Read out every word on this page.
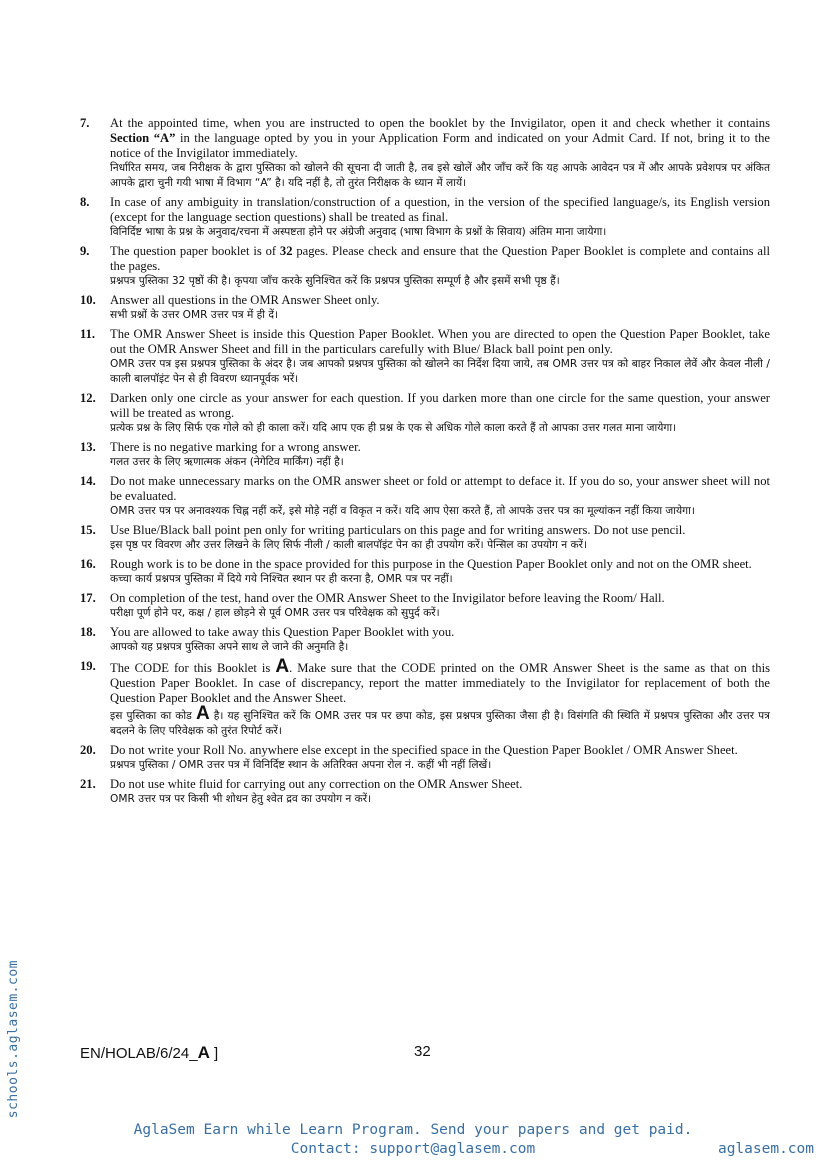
schools.aglasem.com
7.	At the appointed time, when you are instructed to open the booklet by the Invigilator, open it and check whether it contains Section “A” in the language opted by you in your Application Form and indicated on your Admit Card. If not, bring it to the notice of the Invigilator immediately.
निर्धारित समय, जब निरीक्षक के द्वारा पुस्तिका को खोलने की सूचना दी जाती है, तब इसे खोलें और जाँच करें कि यह आपके आवेदन पत्र में और आपके प्रवेशपत्र पर अंकित आपके द्वारा चुनी गयी भाषा में विभाग “A” है। यदि नहीं है, तो तुरंत निरीक्षक के ध्यान में लायें।
8.	In case of any ambiguity in translation/construction of a question, in the version of the specified language/s, its English version (except for the language section questions) shall be treated as final.
विनिर्दिष्ट भाषा के प्रश्न के अनुवाद/रचना में अस्पष्टता होने पर अंग्रेजी अनुवाद (भाषा विभाग के प्रश्नों के सिवाय) अंतिम माना जायेगा।
9.	The question paper booklet is of 32 pages. Please check and ensure that the Question Paper Booklet is complete and contains all the pages.
प्रश्नपत्र पुस्तिका 32 पृष्ठों की है। कृपया जाँच करके सुनिश्चित करें कि प्रश्नपत्र पुस्तिका सम्पूर्ण है और इसमें सभी पृष्ठ हैं।
10.	Answer all questions in the OMR Answer Sheet only.
सभी प्रश्नों के उत्तर OMR उत्तर पत्र में ही दें।
11.	The OMR Answer Sheet is inside this Question Paper Booklet. When you are directed to open the Question Paper Booklet, take out the OMR Answer Sheet and fill in the particulars carefully with Blue/ Black ball point pen only.
OMR उत्तर पत्र इस प्रश्नपत्र पुस्तिका के अंदर है। जब आपको प्रश्नपत्र पुस्तिका को खोलने का निर्देश दिया जाये, तब OMR उत्तर पत्र को बाहर निकाल लेवें और केवल नीली / काली बालपॉइंट पेन से ही विवरण ध्यानपूर्वक भरें।
12.	Darken only one circle as your answer for each question. If you darken more than one circle for the same question, your answer will be treated as wrong.
प्रत्येक प्रश्न के लिए सिर्फ एक गोले को ही काला करें। यदि आप एक ही प्रश्न के एक से अधिक गोले काला करते हैं तो आपका उत्तर गलत माना जायेगा।
13.	There is no negative marking for a wrong answer.
गलत उत्तर के लिए ऋणात्मक अंकन (नेगेटिव मार्किंग) नहीं है।
14.	Do not make unnecessary marks on the OMR answer sheet or fold or attempt to deface it. If you do so, your answer sheet will not be evaluated.
OMR उत्तर पत्र पर अनावश्यक चिह्न नहीं करें, इसे मोड़े नहीं व विकृत न करें। यदि आप ऐसा करते हैं, तो आपके उत्तर पत्र का मूल्यांकन नहीं किया जायेगा।
15.	Use Blue/Black ball point pen only for writing particulars on this page and for writing answers. Do not use pencil.
इस पृष्ठ पर विवरण और उत्तर लिखने के लिए सिर्फ नीली / काली बालपॉइंट पेन का ही उपयोग करें। पेन्सिल का उपयोग न करें।
16.	Rough work is to be done in the space provided for this purpose in the Question Paper Booklet only and not on the OMR sheet.
कच्चा कार्य प्रश्नपत्र पुस्तिका में दिये गये निश्चित स्थान पर ही करना है, OMR पत्र पर नहीं।
17.	On completion of the test, hand over the OMR Answer Sheet to the Invigilator before leaving the Room/ Hall.
परीक्षा पूर्ण होने पर, कक्ष / हाल छोड़ने से पूर्व OMR उत्तर पत्र परिवेक्षक को सुपुर्द करें।
18.	You are allowed to take away this Question Paper Booklet with you.
आपको यह प्रश्नपत्र पुस्तिका अपने साथ ले जाने की अनुमति है।
19.	The CODE for this Booklet is A. Make sure that the CODE printed on the OMR Answer Sheet is the same as that on this Question Paper Booklet. In case of discrepancy, report the matter immediately to the Invigilator for replacement of both the Question Paper Booklet and the Answer Sheet.
इस पुस्तिका का कोड A है। यह सुनिश्चित करें कि OMR उत्तर पत्र पर छपा कोड, इस प्रश्नपत्र पुस्तिका जैसा ही है। विसंगति की स्थिति में प्रश्नपत्र पुस्तिका और उत्तर पत्र बदलने के लिए परिवेक्षक को तुरंत रिपोर्ट करें।
20.	Do not write your Roll No. anywhere else except in the specified space in the Question Paper Booklet / OMR Answer Sheet.
प्रश्नपत्र पुस्तिका / OMR उत्तर पत्र में विनिर्दिष्ट स्थान के अतिरिक्त अपना रोल नं. कहीं भी नहीं लिखें।
21.	Do not use white fluid for carrying out any correction on the OMR Answer Sheet.
OMR उत्तर पत्र पर किसी भी शोधन हेतु श्वेत द्रव का उपयोग न करें।
EN/HOLAB/6/24_A ]	32
AglaSem Earn while Learn Program. Send your papers and get paid.
Contact: support@aglasem.com	aglasem.com
